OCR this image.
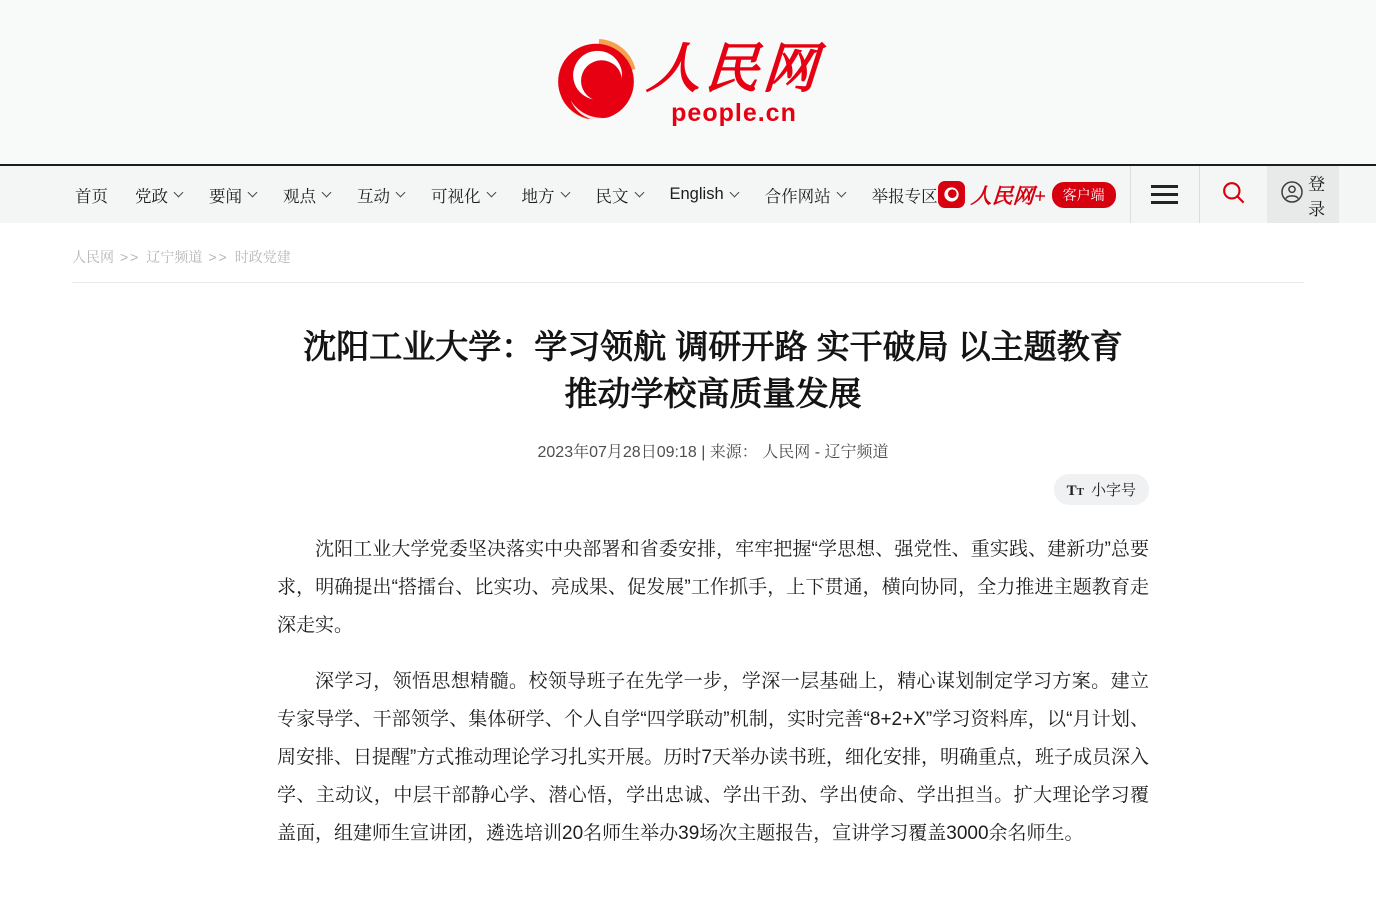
人民网
people.cn
首页 党政 要闻 观点 互动 可视化 地方 民文 English 合作网站 举报专区 人民网+	客户端
登录
人民网 >> 辽宁频道 >> 时政党建
沈阳工业大学：学习领航 调研开路 实干破局 以主题教育推动学校高质量发展
2023年07月28日09:18 | 来源： 人民网 - 辽宁频道
TT 小字号

沈阳工业大学党委坚决落实中央部署和省委安排，牢牢把握“学思想、强党性、重实践、建新功”总要求，明确提出“搭擂台、比实功、亮成果、促发展”工作抓手，上下贯通，横向协同，全力推进主题教育走深走实。

深学习，领悟思想精髓。校领导班子在先学一步，学深一层基础上，精心谋划制定学习方案。建立专家导学、干部领学、集体研学、个人自学“四学联动”机制，实时完善“8+2+X”学习资料库，以“月计划、周安排、日提醒”方式推动理论学习扎实开展。历时7天举办读书班，细化安排，明确重点，班子成员深入学、主动议，中层干部静心学、潜心悟，学出忠诚、学出干劲、学出使命、学出担当。扩大理论学习覆盖面，组建师生宣讲团，遴选培训20名师生举办39场次主题报告，宣讲学习覆盖3000余名师生。
